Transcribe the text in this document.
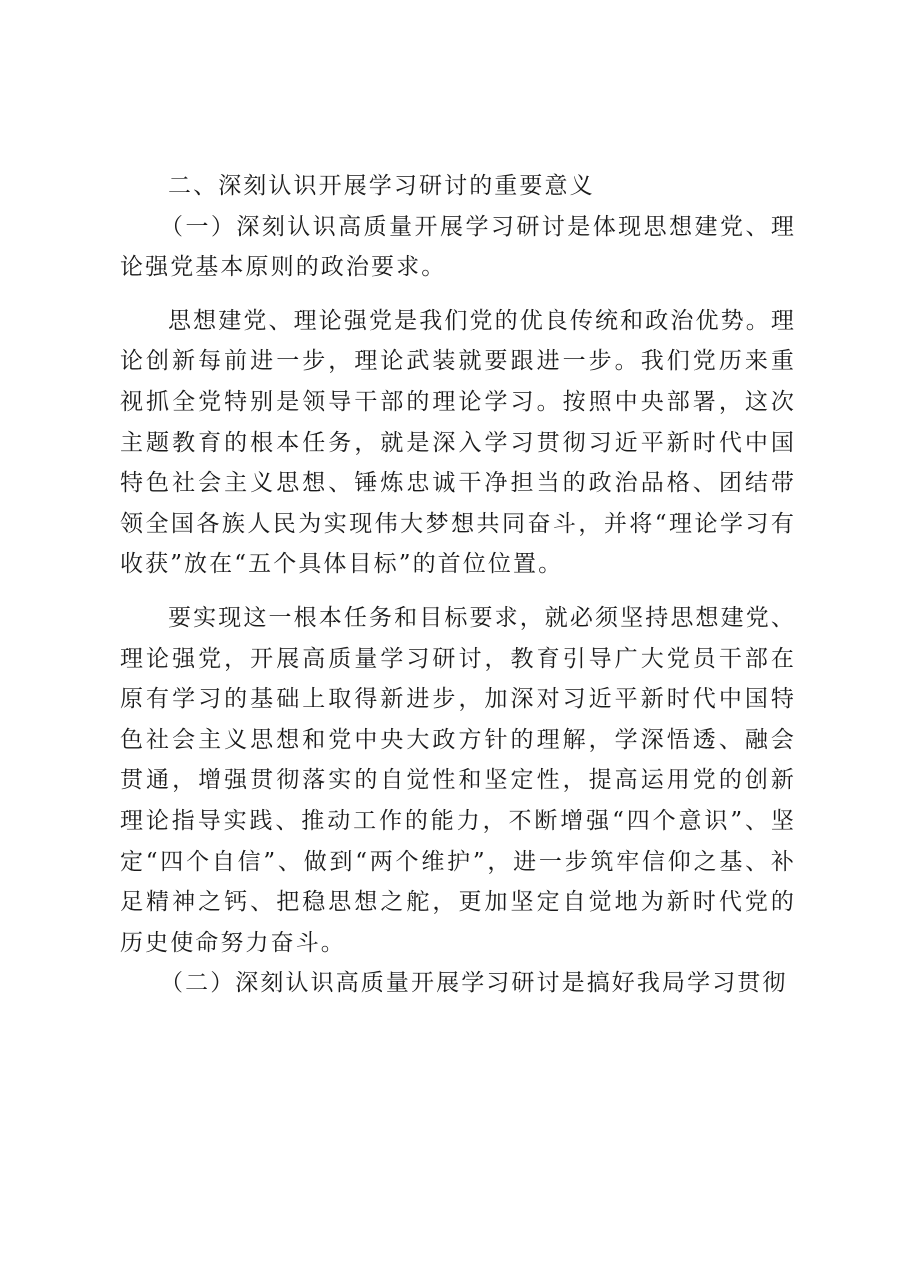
二、深刻认识开展学习研讨的重要意义

（一）深刻认识高质量开展学习研讨是体现思想建党、理论强党基本原则的政治要求。

思想建党、理论强党是我们党的优良传统和政治优势。理论创新每前进一步，理论武装就要跟进一步。我们党历来重视抓全党特别是领导干部的理论学习。按照中央部署，这次主题教育的根本任务，就是深入学习贯彻习近平新时代中国特色社会主义思想、锤炼忠诚干净担当的政治品格、团结带领全国各族人民为实现伟大梦想共同奋斗，并将“理论学习有收获”放在“五个具体目标”的首位位置。

要实现这一根本任务和目标要求，就必须坚持思想建党、理论强党，开展高质量学习研讨，教育引导广大党员干部在原有学习的基础上取得新进步，加深对习近平新时代中国特色社会主义思想和党中央大政方针的理解，学深悟透、融会贯通，增强贯彻落实的自觉性和坚定性，提高运用党的创新理论指导实践、推动工作的能力，不断增强“四个意识”、坚定“四个自信”、做到“两个维护”，进一步筑牢信仰之基、补足精神之钙、把稳思想之舵，更加坚定自觉地为新时代党的历史使命努力奋斗。

（二）深刻认识高质量开展学习研讨是搞好我局学习贯彻
